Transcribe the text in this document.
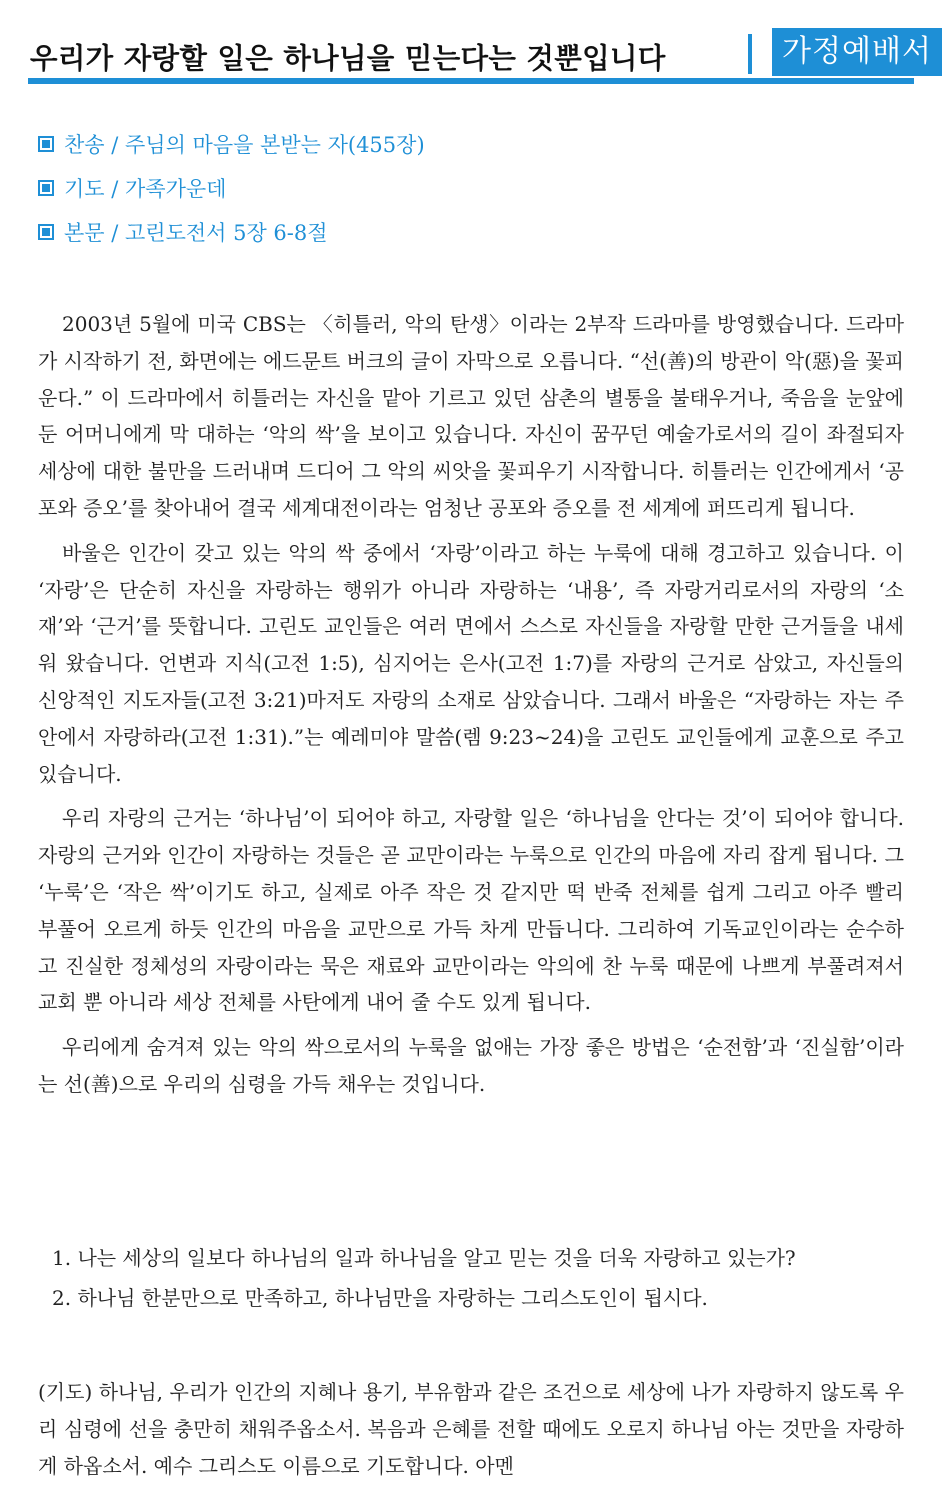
우리가 자랑할 일은 하나님을 믿는다는 것뿐입니다	가정예배서
찬송 / 주님의 마음을 본받는 자(455장)
기도 / 가족가운데
본문 / 고린도전서 5장 6-8절

2003년 5월에 미국 CBS는 〈히틀러, 악의 탄생〉이라는 2부작 드라마를 방영했습니다. 드라마가 시작하기 전, 화면에는 에드문트 버크의 글이 자막으로 오릅니다. “선(善)의 방관이 악(惡)을 꽃피운다.” 이 드라마에서 히틀러는 자신을 맡아 기르고 있던 삼촌의 별통을 불태우거나, 죽음을 눈앞에 둔 어머니에게 막 대하는 ‘악의 싹’을 보이고 있습니다. 자신이 꿈꾸던 예술가로서의 길이 좌절되자 세상에 대한 불만을 드러내며 드디어 그 악의 씨앗을 꽃피우기 시작합니다. 히틀러는 인간에게서 ‘공포와 증오’를 찾아내어 결국 세계대전이라는 엄청난 공포와 증오를 전 세계에 퍼뜨리게 됩니다.

바울은 인간이 갖고 있는 악의 싹 중에서 ‘자랑’이라고 하는 누룩에 대해 경고하고 있습니다. 이 ‘자랑’은 단순히 자신을 자랑하는 행위가 아니라 자랑하는 ‘내용’, 즉 자랑거리로서의 자랑의 ‘소재’와 ‘근거’를 뜻합니다. 고린도 교인들은 여러 면에서 스스로 자신들을 자랑할 만한 근거들을 내세워 왔습니다. 언변과 지식(고전 1:5), 심지어는 은사(고전 1:7)를 자랑의 근거로 삼았고, 자신들의 신앙적인 지도자들(고전 3:21)마저도 자랑의 소재로 삼았습니다. 그래서 바울은 “자랑하는 자는 주 안에서 자랑하라(고전 1:31).”는 예레미야 말씀(렘 9:23~24)을 고린도 교인들에게 교훈으로 주고 있습니다.

우리 자랑의 근거는 ‘하나님’이 되어야 하고, 자랑할 일은 ‘하나님을 안다는 것’이 되어야 합니다. 자랑의 근거와 인간이 자랑하는 것들은 곧 교만이라는 누룩으로 인간의 마음에 자리 잡게 됩니다. 그 ‘누룩’은 ‘작은 싹’이기도 하고, 실제로 아주 작은 것 같지만 떡 반죽 전체를 쉽게 그리고 아주 빨리 부풀어 오르게 하듯 인간의 마음을 교만으로 가득 차게 만듭니다. 그리하여 기독교인이라는 순수하고 진실한 정체성의 자랑이라는 묵은 재료와 교만이라는 악의에 찬 누룩 때문에 나쁘게 부풀려져서 교회 뿐 아니라 세상 전체를 사탄에게 내어 줄 수도 있게 됩니다.

우리에게 숨겨져 있는 악의 싹으로서의 누룩을 없애는 가장 좋은 방법은 ‘순전함’과 ‘진실함’이라는 선(善)으로 우리의 심령을 가득 채우는 것입니다.

1. 나는 세상의 일보다 하나님의 일과 하나님을 알고 믿는 것을 더욱 자랑하고 있는가?
2. 하나님 한분만으로 만족하고, 하나님만을 자랑하는 그리스도인이 됩시다.

(기도) 하나님, 우리가 인간의 지혜나 용기, 부유함과 같은 조건으로 세상에 나가 자랑하지 않도록 우리 심령에 선을 충만히 채워주옵소서. 복음과 은혜를 전할 때에도 오로지 하나님 아는 것만을 자랑하게 하옵소서. 예수 그리스도 이름으로 기도합니다. 아멘
